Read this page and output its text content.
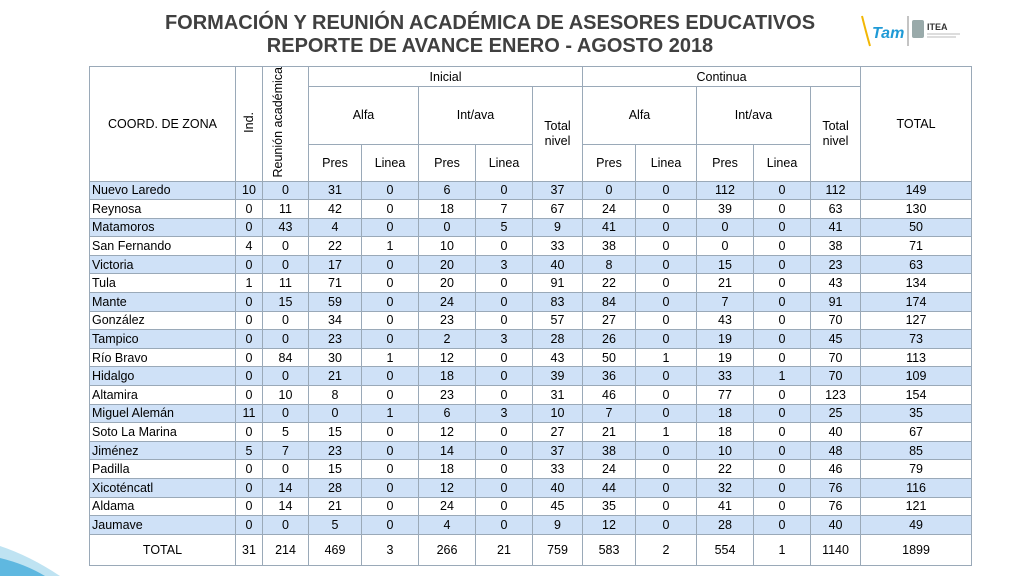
FORMACIÓN Y REUNIÓN ACADÉMICA DE ASESORES EDUCATIVOS
REPORTE DE AVANCE ENERO - AGOSTO 2018
Tam	ITEA
COORD. DE ZONA	Ind.	Reunión académica	Inicial					Continua					TOTAL
			Alfa		Int/ava		Total nivel	Alfa		Int/ava		Total nivel	
			Pres	Linea	Pres	Linea		Pres	Linea	Pres	Linea		
Nuevo Laredo	10	0	31	0	6	0	37	0	0	112	0	112	149
Reynosa	0	11	42	0	18	7	67	24	0	39	0	63	130
Matamoros	0	43	4	0	0	5	9	41	0	0	0	41	50
San Fernando	4	0	22	1	10	0	33	38	0	0	0	38	71
Victoria	0	0	17	0	20	3	40	8	0	15	0	23	63
Tula	1	11	71	0	20	0	91	22	0	21	0	43	134
Mante	0	15	59	0	24	0	83	84	0	7	0	91	174
González	0	0	34	0	23	0	57	27	0	43	0	70	127
Tampico	0	0	23	0	2	3	28	26	0	19	0	45	73
Río Bravo	0	84	30	1	12	0	43	50	1	19	0	70	113
Hidalgo	0	0	21	0	18	0	39	36	0	33	1	70	109
Altamira	0	10	8	0	23	0	31	46	0	77	0	123	154
Miguel Alemán	11	0	0	1	6	3	10	7	0	18	0	25	35
Soto La Marina	0	5	15	0	12	0	27	21	1	18	0	40	67
Jiménez	5	7	23	0	14	0	37	38	0	10	0	48	85
Padilla	0	0	15	0	18	0	33	24	0	22	0	46	79
Xicoténcatl	0	14	28	0	12	0	40	44	0	32	0	76	116
Aldama	0	14	21	0	24	0	45	35	0	41	0	76	121
Jaumave	0	0	5	0	4	0	9	12	0	28	0	40	49
TOTAL	31	214	469	3	266	21	759	583	2	554	1	1140	1899
